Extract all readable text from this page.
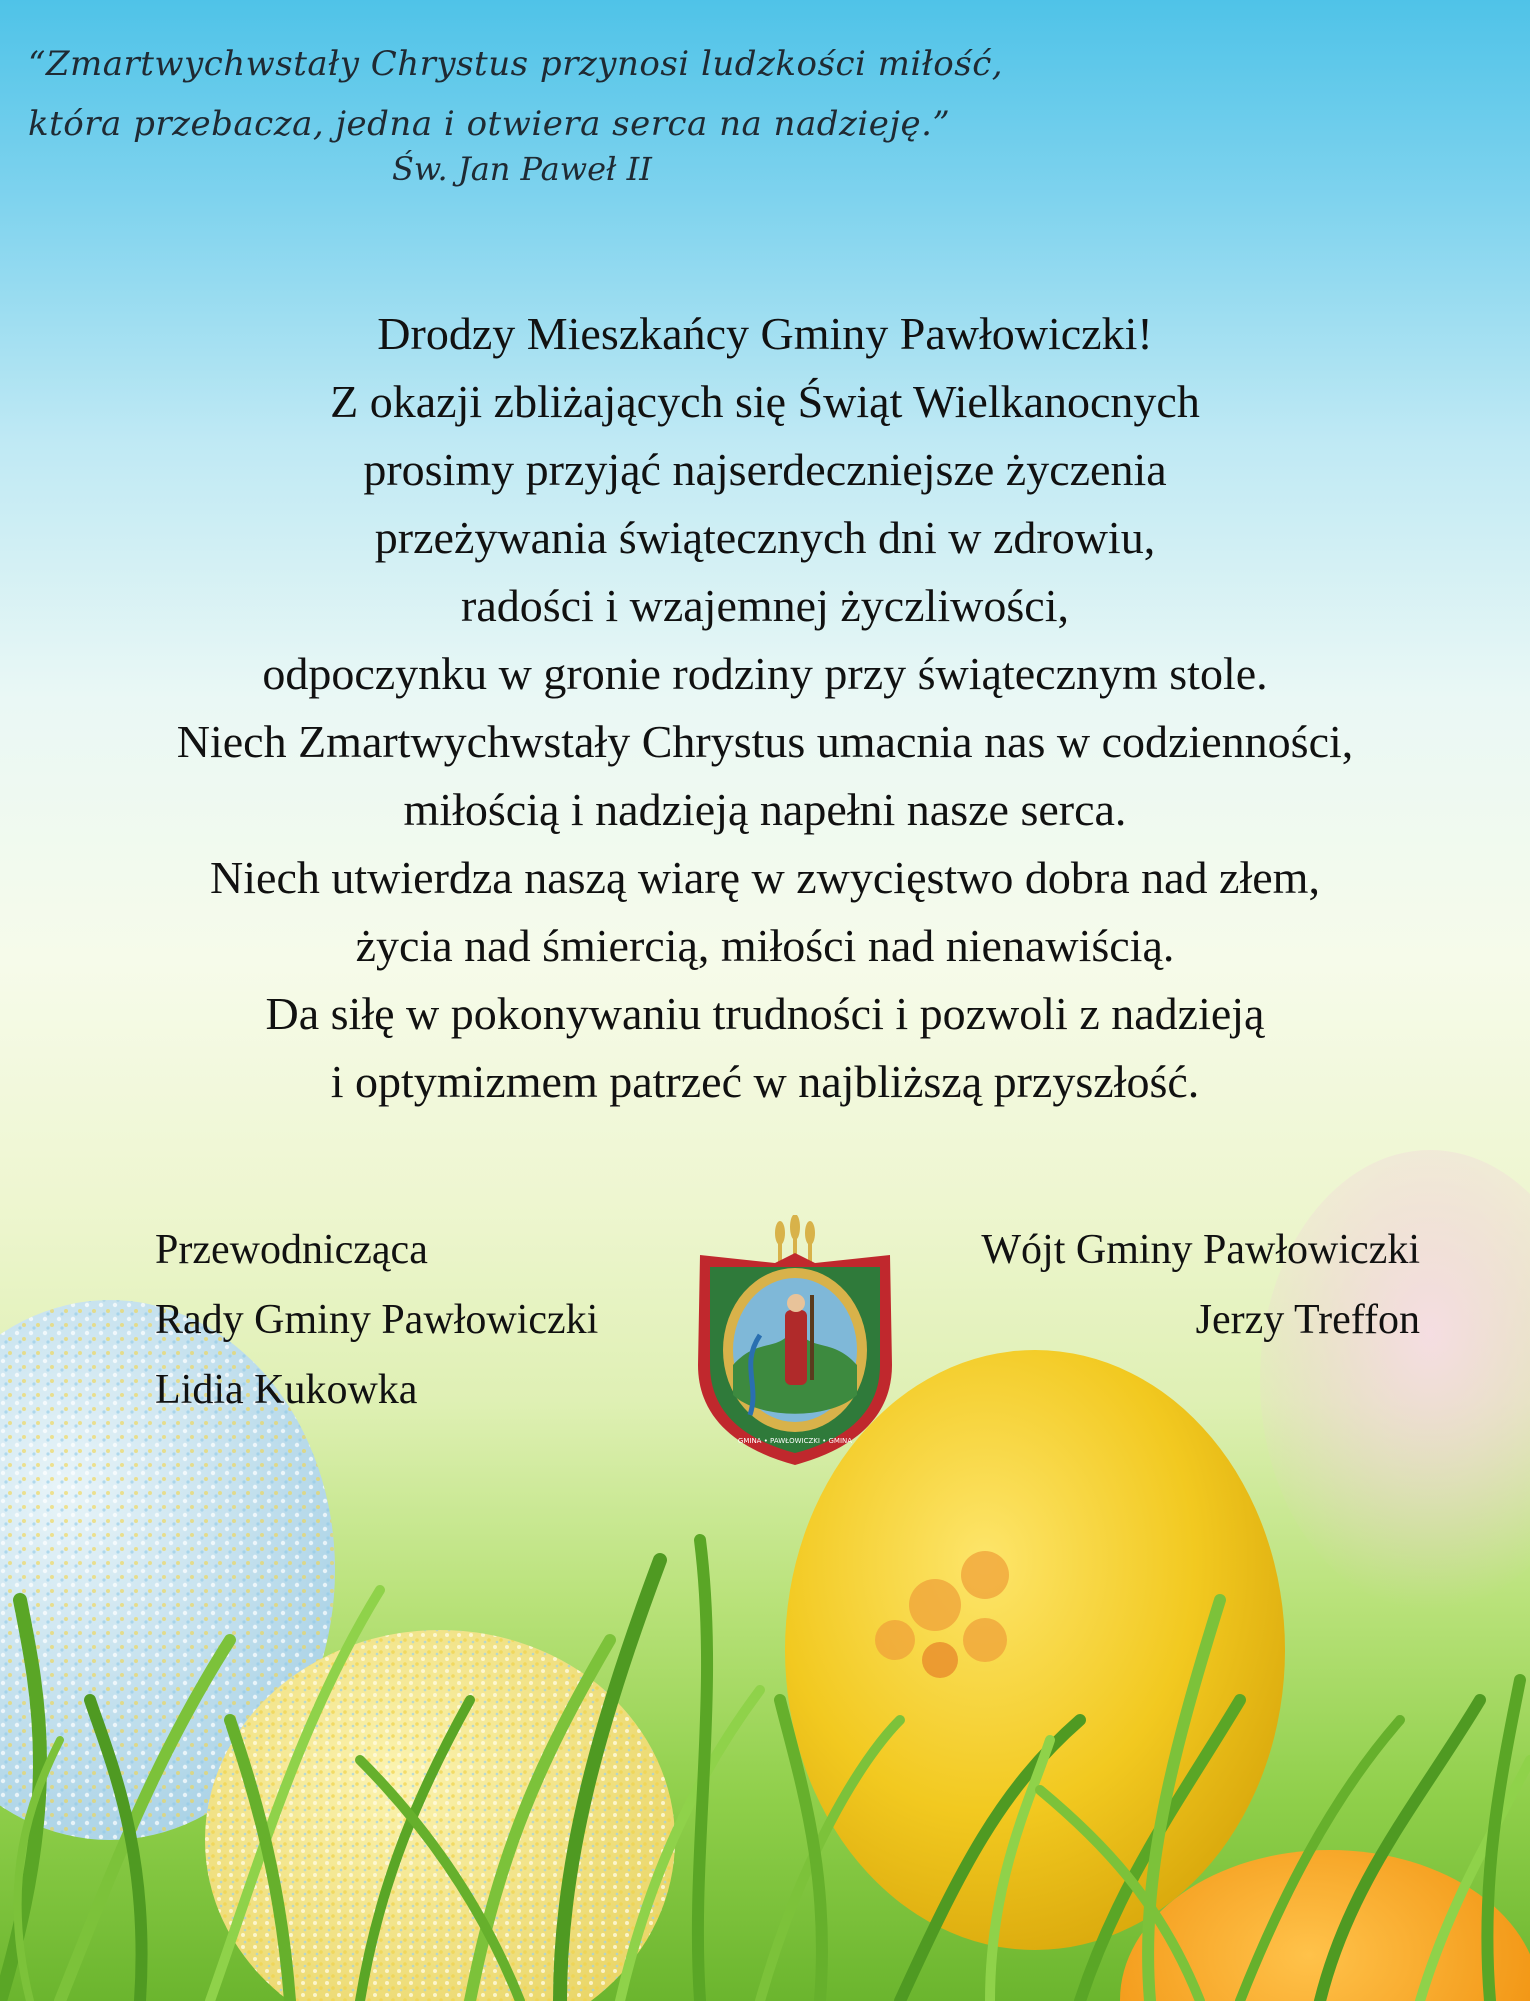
“Zmartwychwstały Chrystus przynosi ludzkości miłość,
która przebacza, jedna i otwiera serca na nadzieję.”
Św. Jan Paweł II
Drodzy Mieszkańcy Gminy Pawłowiczki!
Z okazji zbliżających się Świąt Wielkanocnych
prosimy przyjąć najserdeczniejsze życzenia
przeżywania świątecznych dni w zdrowiu,
radości i wzajemnej życzliwości,
odpoczynku w gronie rodziny przy świątecznym stole.
Niech Zmartwychwstały Chrystus umacnia nas w codzienności,
miłością i nadzieją napełni nasze serca.
Niech utwierdza naszą wiarę w zwycięstwo dobra nad złem,
życia nad śmiercią, miłości nad nienawiścią.
Da siłę w pokonywaniu trudności i pozwoli z nadzieją
i optymizmem patrzeć w najbliższą przyszłość.
Przewodnicząca
Rady Gminy Pawłowiczki
Lidia Kukowka
Wójt Gminy Pawłowiczki
Jerzy Treffon
GMINA • PAWŁOWICZKI • GMINA
